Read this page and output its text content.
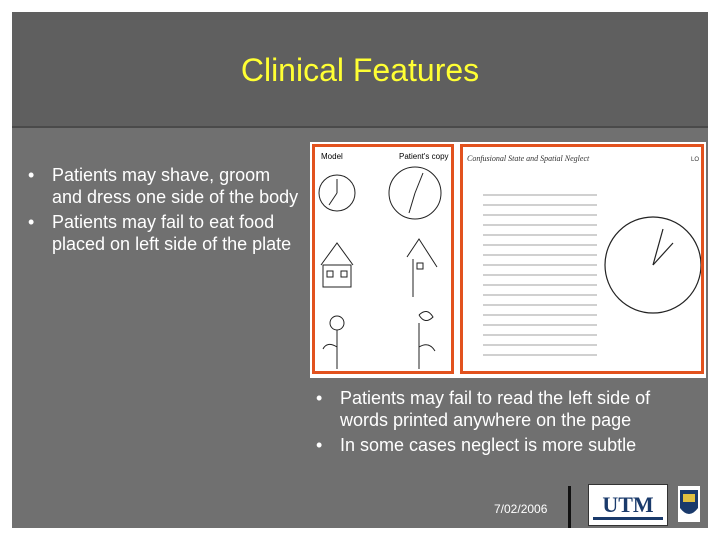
Clinical Features
• Patients may shave, groom and dress one side of the body
• Patients may fail to eat food placed on left side of the plate
Model	Patient's copy Confusional State and Spatial Neglect	LO
• Patients may fail to read the left side of words printed anywhere on the page
• In some cases neglect is more subtle
7/02/2006 UTM
